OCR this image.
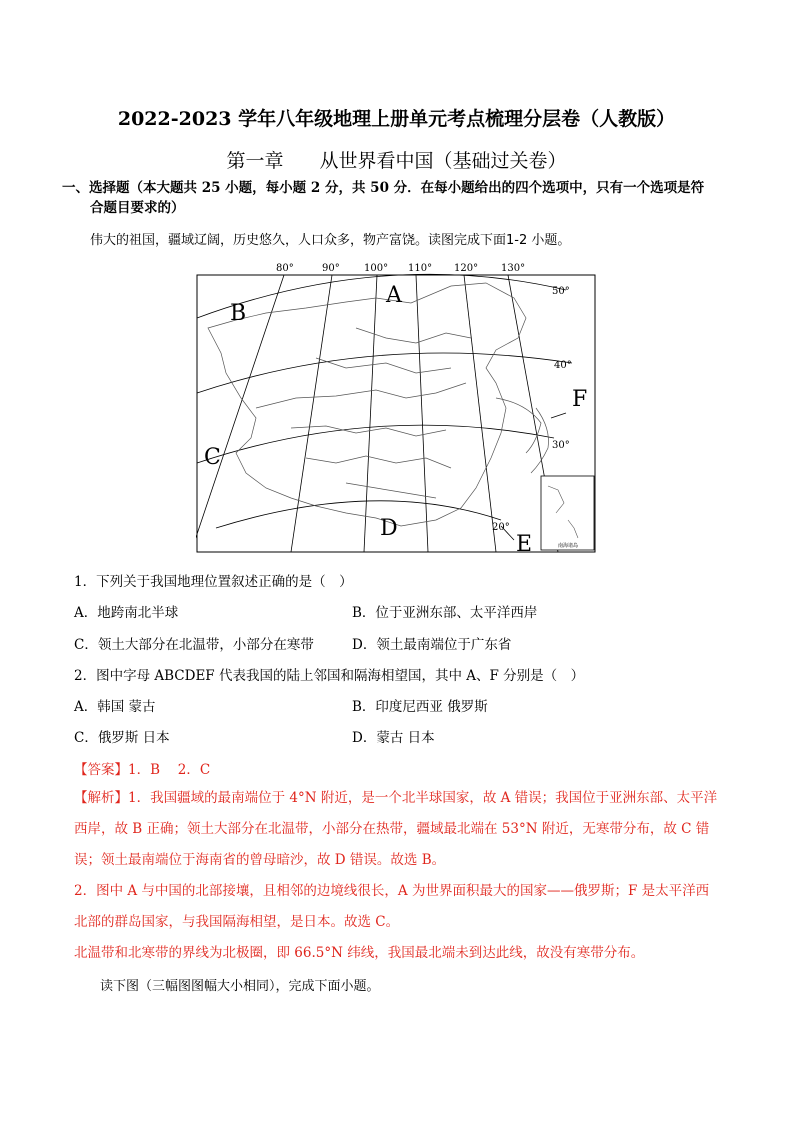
2022-2023 学年八年级地理上册单元考点梳理分层卷（人教版）
第一章 从世界看中国（基础过关卷）
一、选择题（本大题共 25 小题，每小题 2 分，共 50 分．在每小题给出的四个选项中，只有一个选项是符
合题目要求的）
伟大的祖国，疆域辽阔，历史悠久，人口众多，物产富饶。读图完成下面1-2 小题。
南海诸岛
80°	90° 100° 110° 120° 130°
50°
40°
30°
20°
A
B
C
D
E
F
1．下列关于我国地理位置叙述正确的是（　）
A．地跨南北半球	B．位于亚洲东部、太平洋西岸
C．领土大部分在北温带，小部分在寒带	D．领土最南端位于广东省
2．图中字母 ABCDEF 代表我国的陆上邻国和隔海相望国，其中 A、F 分别是（　）
A．韩国 蒙古	B．印度尼西亚 俄罗斯
C．俄罗斯 日本	D．蒙古 日本
【答案】1．B　 2．C
【解析】1．我国疆域的最南端位于 4°N 附近，是一个北半球国家，故 A 错误；我国位于亚洲东部、太平洋
西岸，故 B 正确；领土大部分在北温带，小部分在热带，疆域最北端在 53°N 附近，无寒带分布，故 C 错
误；领土最南端位于海南省的曾母暗沙，故 D 错误。故选 B。
2．图中 A 与中国的北部接壤，且相邻的边境线很长，A 为世界面积最大的国家——俄罗斯；F 是太平洋西
北部的群岛国家，与我国隔海相望，是日本。故选 C。
北温带和北寒带的界线为北极圈，即 66.5°N 纬线，我国最北端未到达此线，故没有寒带分布。
读下图（三幅图图幅大小相同），完成下面小题。
